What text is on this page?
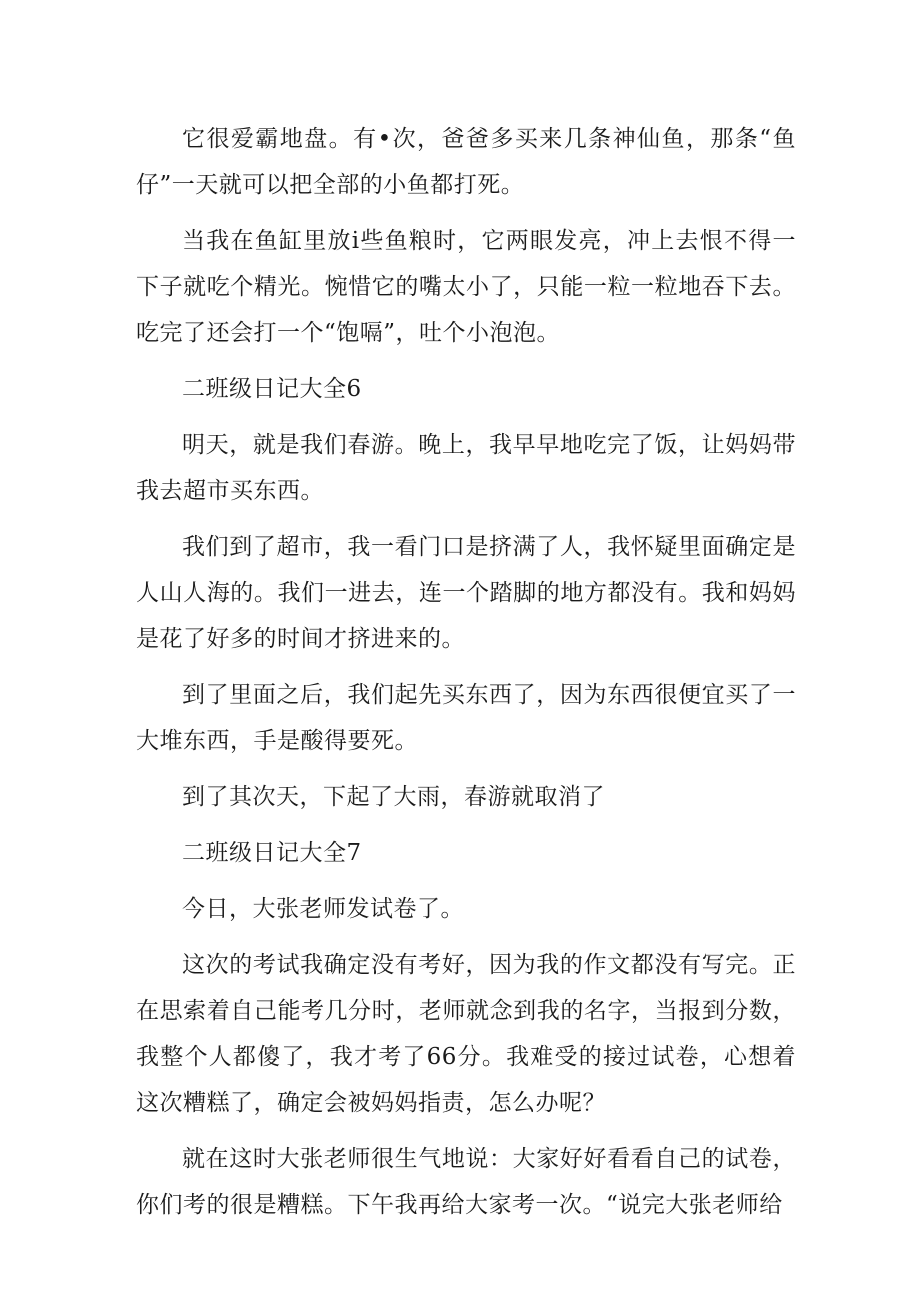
它很爱霸地盘。有•次，爸爸多买来几条神仙鱼，那条“鱼仔”一天就可以把全部的小鱼都打死。

当我在鱼缸里放i些鱼粮时，它两眼发亮，冲上去恨不得一下子就吃个精光。惋惜它的嘴太小了，只能一粒一粒地吞下去。吃完了还会打一个“饱嗝”，吐个小泡泡。

二班级日记大全6

明天，就是我们春游。晚上，我早早地吃完了饭，让妈妈带我去超市买东西。

我们到了超市，我一看门口是挤满了人，我怀疑里面确定是人山人海的。我们一进去，连一个踏脚的地方都没有。我和妈妈是花了好多的时间才挤进来的。

到了里面之后，我们起先买东西了，因为东西很便宜买了一大堆东西，手是酸得要死。

到了其次天，下起了大雨，春游就取消了

二班级日记大全7

今日，大张老师发试卷了。

这次的考试我确定没有考好，因为我的作文都没有写完。正在思索着自己能考几分时，老师就念到我的名字，当报到分数，我整个人都傻了，我才考了66分。我难受的接过试卷，心想着这次糟糕了，确定会被妈妈指责，怎么办呢？

就在这时大张老师很生气地说：大家好好看看自己的试卷，你们考的很是糟糕。下午我再给大家考一次。“说完大张老师给
